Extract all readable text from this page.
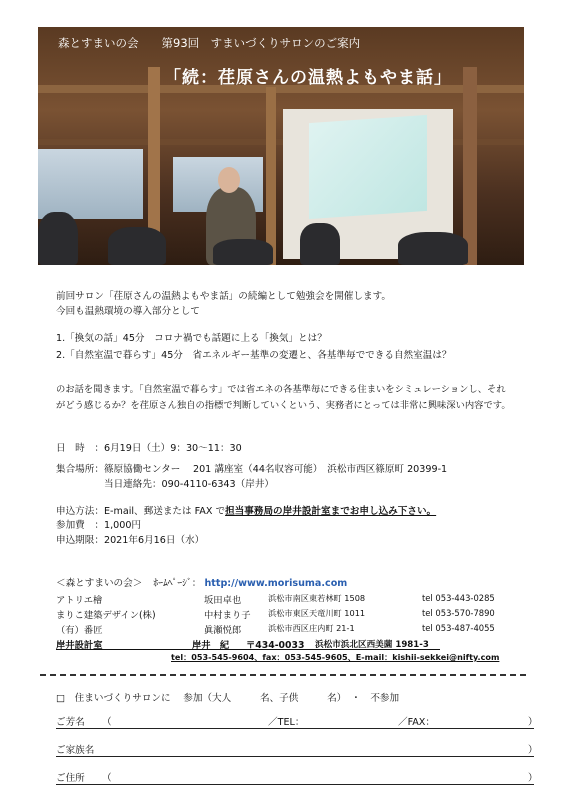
森とすまいの会　　第93回　すまいづくりサロンのご案内
「続：荏原さんの温熱よもやま話」
前回サロン「荏原さんの温熱よもやま話」の続編として勉強会を開催します。
今回も温熱環境の導入部分として
1.「換気の話」45分　コロナ禍でも話題に上る「換気」とは？
2.「自然室温で暮らす」45分　省エネルギー基準の変遷と、各基準毎でできる自然室温は？
のお話を聞きます。「自然室温で暮らす」では省エネの各基準毎にできる住まいをシミュレーションし、それ
がどう感じるか？を荏原さん独自の指標で判断していくという、実務者にとっては非常に興味深い内容です。
日　時　：6月19日（土）9：30～11：30
集合場所：篠原協働センター　 201 講座室（44名収容可能）　浜松市西区篠原町 20399-1
当日連絡先：090-4110-6343（岸井）
申込方法：E-mail、郵送または FAX で担当事務局の岸井設計室までお申し込み下さい。
参加費　：1,000円
申込期限：2021年6月16日（水）
＜森とすまいの会＞ ﾎｰﾑﾍﾟｰｼﾞ： http://www.morisuma.com
アトリエ檜	坂田卓也	浜松市南区東若林町 1508	tel 053-443-0285
まりこ建築デザイン(株)	中村まり子 浜松市東区天竜川町 1011	tel 053-570-7890
（有）番匠	眞瀬悦郎	浜松市西区庄内町 21-1	tel 053-487-4055
岸井設計室	岸井　紀 〒434-0033 浜松市浜北区西美薗 1981-3
tel：053-545-9604、fax：053-545-9605、E-mail：kishii-sekkei@nifty.com
□　住まいづくりサロンに　 参加（大人　　　名、子供　　　名）　・　不参加
ご芳名 （	／TEL：	／FAX：	）
ご家族名	）
ご住所 （	）
